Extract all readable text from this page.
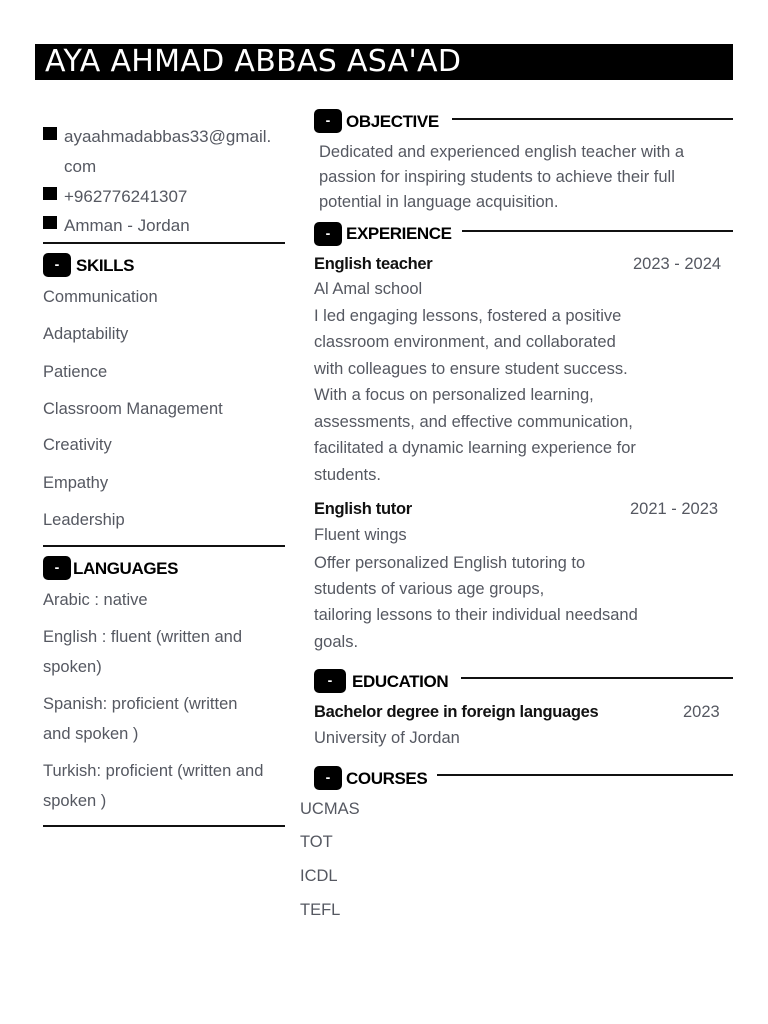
AYA AHMAD ABBAS ASA'AD
ayaahmadabbas33@gmail.
com
+962776241307
Amman - Jordan
- SKILLS
Communication
Adaptability
Patience
Classroom Management
Creativity
Empathy
Leadership
- LANGUAGES
Arabic : native
English : fluent (written and
spoken)
Spanish: proficient (written
and spoken )
Turkish: proficient (written and
spoken )
- OBJECTIVE
Dedicated and experienced english teacher with a
passion for inspiring students to achieve their full
potential in language acquisition.
- EXPERIENCE
English teacher	2023 - 2024
Al Amal school
I led engaging lessons, fostered a positive
classroom environment, and collaborated
with colleagues to ensure student success.
With a focus on personalized learning,
assessments, and effective communication,
facilitated a dynamic learning experience for
students.
English tutor	2021 - 2023
Fluent wings
Offer personalized English tutoring to
students of various age groups,
tailoring lessons to their individual needsand
goals.
-	EDUCATION
Bachelor degree in foreign languages	2023
University of Jordan
- COURSES
UCMAS
TOT
ICDL
TEFL
